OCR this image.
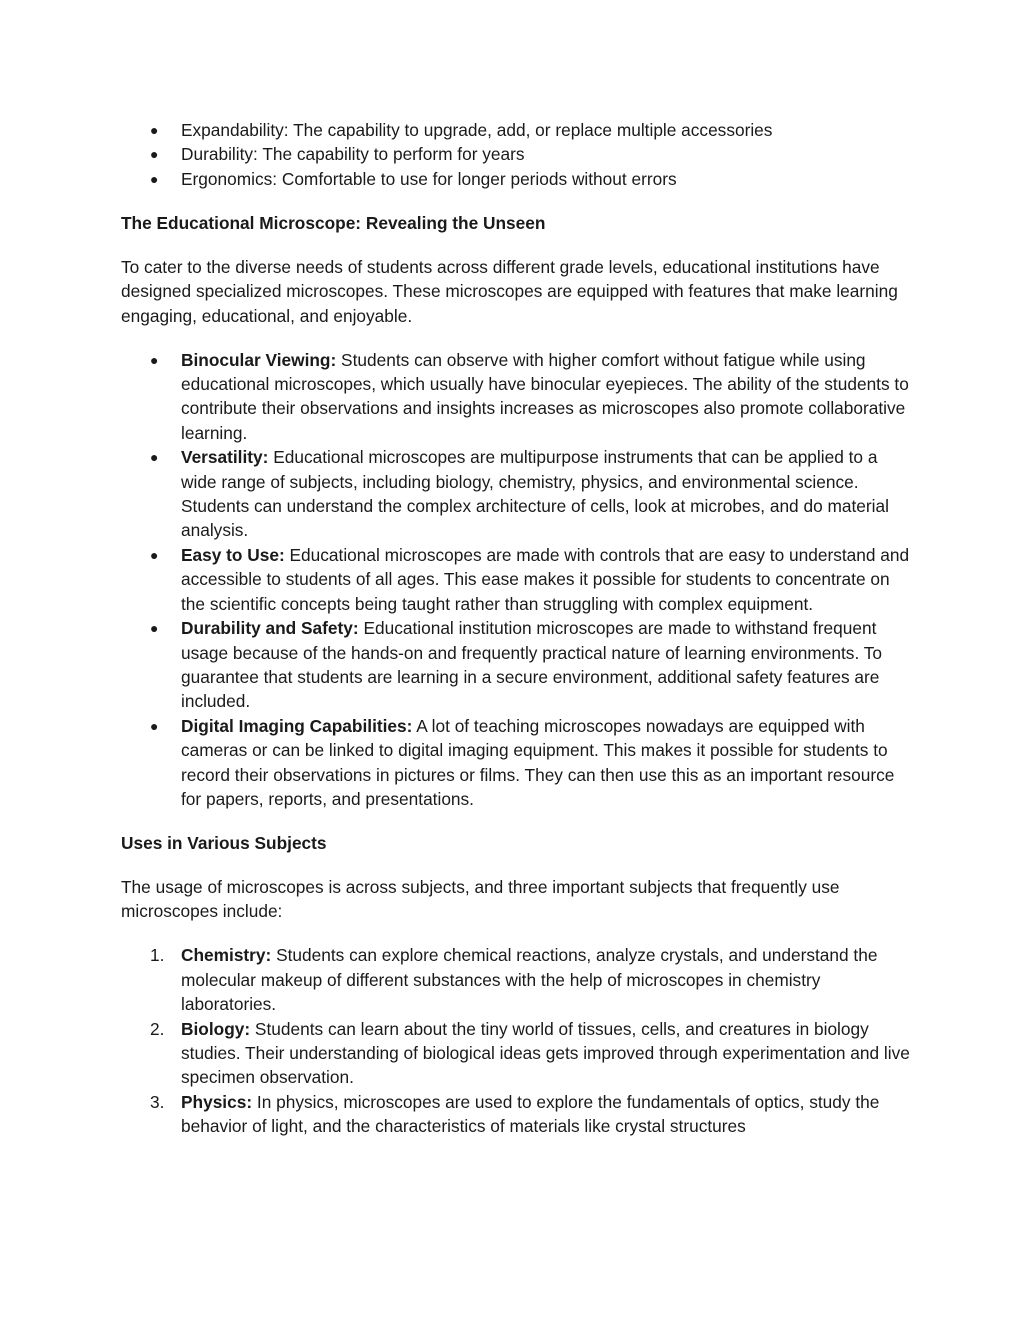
● Expandability: The capability to upgrade, add, or replace multiple accessories
● Durability: The capability to perform for years
● Ergonomics: Comfortable to use for longer periods without errors
The Educational Microscope: Revealing the Unseen

To cater to the diverse needs of students across different grade levels, educational institutions have designed specialized microscopes. These microscopes are equipped with features that make learning engaging, educational, and enjoyable.

● Binocular Viewing: Students can observe with higher comfort without fatigue while using educational microscopes, which usually have binocular eyepieces. The ability of the students to contribute their observations and insights increases as microscopes also promote collaborative learning.
● Versatility: Educational microscopes are multipurpose instruments that can be applied to a wide range of subjects, including biology, chemistry, physics, and environmental science. Students can understand the complex architecture of cells, look at microbes, and do material analysis.
● Easy to Use: Educational microscopes are made with controls that are easy to understand and accessible to students of all ages. This ease makes it possible for students to concentrate on the scientific concepts being taught rather than struggling with complex equipment.
● Durability and Safety: Educational institution microscopes are made to withstand frequent usage because of the hands-on and frequently practical nature of learning environments. To guarantee that students are learning in a secure environment, additional safety features are included.
● Digital Imaging Capabilities: A lot of teaching microscopes nowadays are equipped with cameras or can be linked to digital imaging equipment. This makes it possible for students to record their observations in pictures or films. They can then use this as an important resource for papers, reports, and presentations.
Uses in Various Subjects

The usage of microscopes is across subjects, and three important subjects that frequently use microscopes include:

1. Chemistry: Students can explore chemical reactions, analyze crystals, and understand the molecular makeup of different substances with the help of microscopes in chemistry laboratories.
2. Biology: Students can learn about the tiny world of tissues, cells, and creatures in biology studies. Their understanding of biological ideas gets improved through experimentation and live specimen observation.
3. Physics: In physics, microscopes are used to explore the fundamentals of optics, study the behavior of light, and the characteristics of materials like crystal structures
